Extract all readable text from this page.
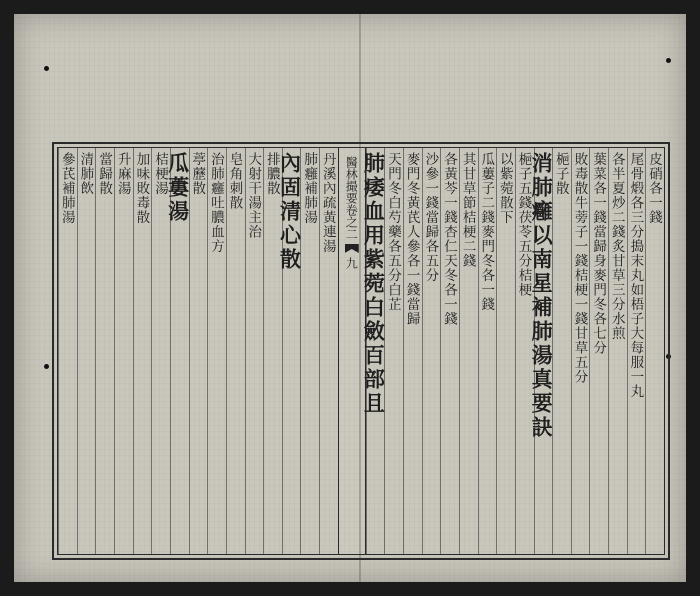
皮硝各一錢
尾骨煅各三分搗末丸如梧子大每服一丸
各半夏炒二錢炙甘草三分水煎
葉菜各一錢當歸身麥門冬各七分
敗毒散牛蒡子一錢桔梗一錢甘草五分
梔子散
消肺癰以南星補肺湯真要訣
梔子五錢茯苓五分桔梗
以紫菀散下
瓜蔞子二錢麥門冬各一錢
其甘草節桔梗二錢
各黃芩一錢杏仁天冬各一錢
沙參一錢當歸各五分
麥門冬黃芪人參各一錢當歸
天門冬白芍藥各五分白芷
肺痿血用紫菀白斂百部且
醫林撮要卷之二
九
丹溪內疏黃連湯
肺癰補肺湯
內固清心散
排膿散
大射干湯主治
皂角刺散
治肺癰吐膿血方
葶藶散
瓜蔞湯
桔梗湯
加味敗毒散
升麻湯
當歸散
清肺飲
參芪補肺湯
